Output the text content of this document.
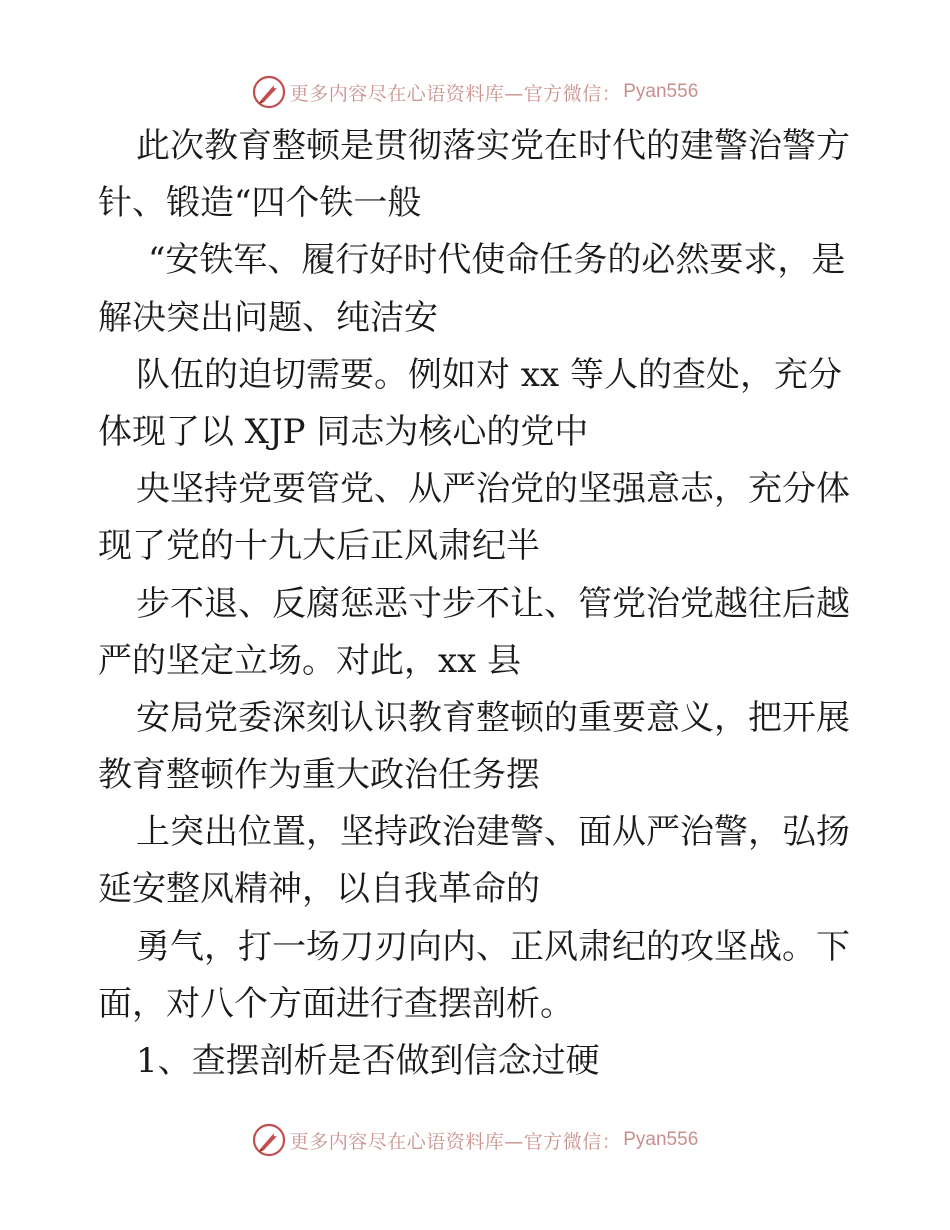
更多内容尽在心语资料库—官方微信： Pyan556
此次教育整顿是贯彻落实党在时代的建警治警方
针、锻造“四个铁一般
“安铁军、履行好时代使命任务的必然要求，是
解决突出问题、纯洁安
队伍的迫切需要。例如对 xx 等人的查处，充分
体现了以 XJP 同志为核心的党中
央坚持党要管党、从严治党的坚强意志，充分体
现了党的十九大后正风肃纪半
步不退、反腐惩恶寸步不让、管党治党越往后越
严的坚定立场。对此，xx 县
安局党委深刻认识教育整顿的重要意义，把开展
教育整顿作为重大政治任务摆
上突出位置，坚持政治建警、面从严治警，弘扬
延安整风精神，以自我革命的
勇气，打一场刀刃向内、正风肃纪的攻坚战。下
面，对八个方面进行查摆剖析。
1、查摆剖析是否做到信念过硬
更多内容尽在心语资料库—官方微信： Pyan556
